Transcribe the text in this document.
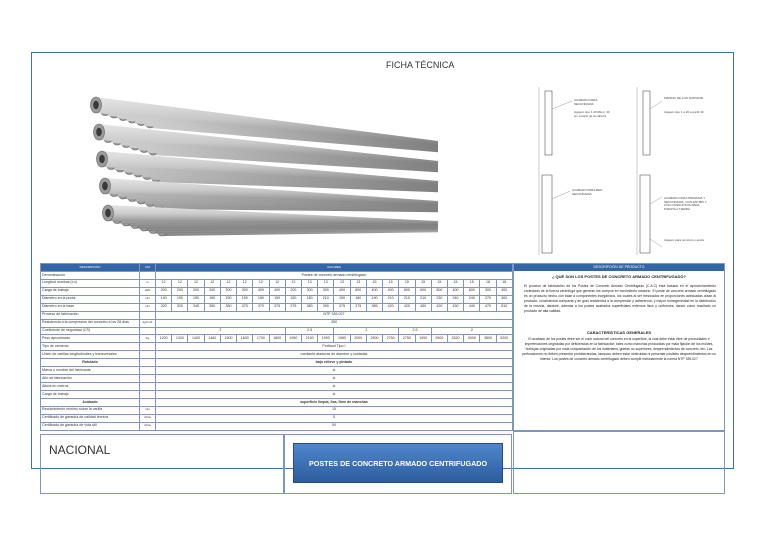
FICHA TÉCNICA
ACABADO PARA SECUNDARIA
Agujero tipo 1 20 Ø/ext, 40 cm a partir de la cabeza
MANDIO DE LOS SOPORTE
Agujero tipo 1 a 20 a partir 40
ACABADO PARA RED SECUNDARIA
ACABADO PARA PRIMARIA Y SECUNDARIA, CON ENTIBO Y CON CONDUCTOS PARA PUESTA A TIERRA
Agujero para concreto y ancla
DESCRIPCIÓN	UM	VALORES																					
Denominación		Postes de concreto armado centrifugado																					
Longitud nominal (Ln)	m	12	12	12	12	12	12	12	12	13	13	13	13	13	15	15	15	15	15	15	15	18	18
Carga de trabajo	daN	200	200	200	200	300	300	400	400	200	300	300	400	600	400	400	600	600	800	400	600	300	400
Diámetro en la punta	mm	140	150	150	160	150	150	180	150	150	180	210	150	180	190	210	210	210	230	240	240	270	300
Diámetro en la base	mm	320	330	345	350	350	375	370	375	375	380	390	375	375	385	420	420	450	420	430	440	470	510
Proceso de fabricación		NTP 339.027																					
Resistencia a la compresión del concreto a los 28 días	kg/cm2	350																					
Coeficiente de seguridad (CS)		2								2.5			2				2.5		2				
Peso aproximado	Kg	1200	1300	1400	1460	1500	1600	1700	1800	1950	2150	1900	1980	2000	2500	2750	2750	1900	2600	3320	3000	3800	5200
Tipo de cemento		Portland Tipo I																					
Unión de varillas longitudinales y transversales		mediante ataduras de alambre y soldadas																					
Rotulado		bajo relieve y pintado																					
Marca o nombre del fabricante		si																					
Año de fabricación		si																					
Altura en metros		si																					
Carga de trabajo		si																					
Acabado		superficie limpia, lisa, libre de manchas																					
Recubrimiento mínimo sobre la varilla	mm	15																					
Certificado de garantía de calidad técnica	Años	5																					
Certificado de garantía de vida útil	Años	50																					
DESCRIPCIÓN DE PRODUCTO
¿ QUÉ SON LOS POSTES DE CONCRETO ARMADO CENTRIFUGADO?
El proceso de fabricación de los Postes de Concreto Armado Centrifugado (C.A.C) está basado en el aprovechamiento controlado de la fuerza centrífuga que generan los cuerpos en movimiento rotatorio. El poste de concreto armado centrifugado es un producto hecho con base a componentes inorgánicos, los cuales al ser mezclados en proporciones adecuadas dotan al producto, consistencia compacta y de gran resistencia a la compresión y adherencia, y mayor homogeneidad en la distribución de la mezcla, dándole, además a los postes acabados superficiales externos lisos y uniformes, dando como resultado un producto de alta calidad.
CARACTERÍSTICAS GENERALES
El acabado de los postes debe ser el color natural del concreto en la superficie, la cual debe estar libre de porosidades e imperfecciones originadas por deficiencias en la fabricación; tales como manchas producidas por mala fijación de los moldes, burbujas originadas por mala compactación de los materiales, grietas no superiores, desprendimientos de concreto, etc. Las perforaciones no deben presentar protuberancias, tampoco deben estar obstruidas ni presentar posibles desprendimientos en su interior. Los postes de concreto armado centrifugado deben cumplir estrictamente la norma NTP 339.027
NACIONAL
POSTES DE CONCRETO ARMADO CENTRIFUGADO
